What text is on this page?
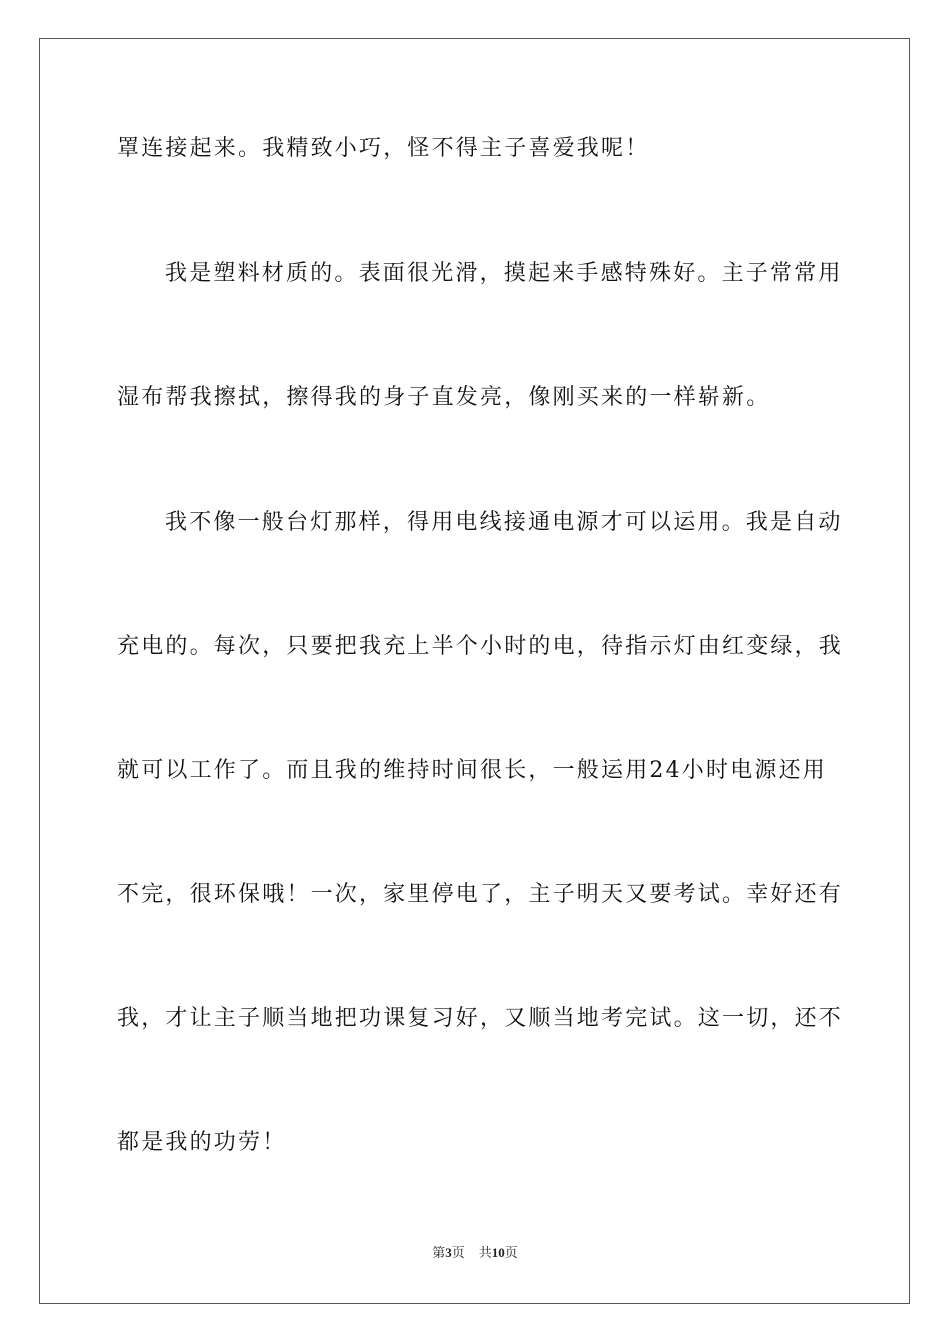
罩连接起来。我精致小巧，怪不得主子喜爱我呢！
我是塑料材质的。表面很光滑，摸起来手感特殊好。主子常常用
湿布帮我擦拭，擦得我的身子直发亮，像刚买来的一样崭新。
我不像一般台灯那样，得用电线接通电源才可以运用。我是自动
充电的。每次，只要把我充上半个小时的电，待指示灯由红变绿，我
就可以工作了。而且我的维持时间很长，一般运用24小时电源还用
不完，很环保哦！一次，家里停电了，主子明天又要考试。幸好还有
我，才让主子顺当地把功课复习好，又顺当地考完试。这一切，还不
都是我的功劳！
第3页 共10页
